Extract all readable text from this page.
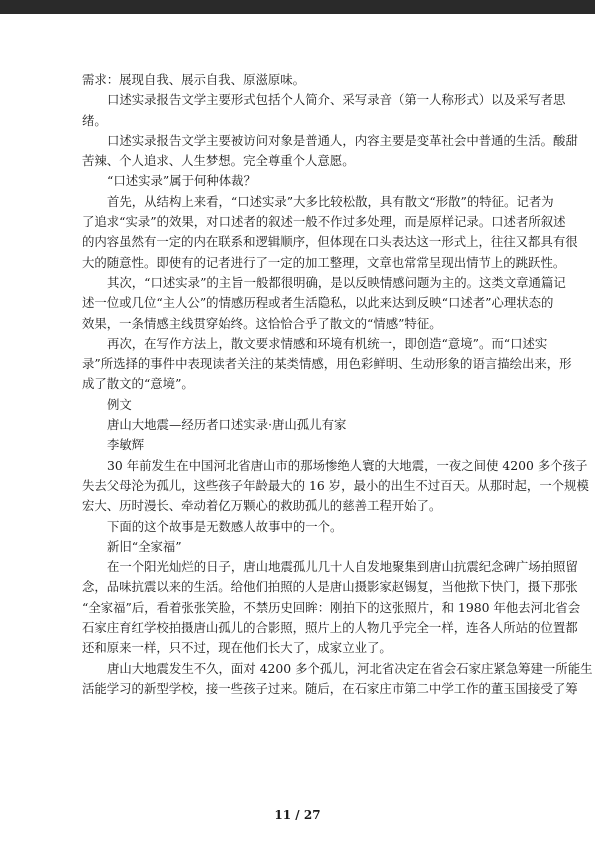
需求：展现自我、展示自我、原滋原味。
口述实录报告文学主要形式包括个人简介、采写录音（第一人称形式）以及采写者思
绪。
口述实录报告文学主要被访问对象是普通人，内容主要是变革社会中普通的生活。酸甜
苦辣、个人追求、人生梦想。完全尊重个人意愿。
“口述实录”属于何种体裁？
首先，从结构上来看，“口述实录”大多比较松散，具有散文“形散”的特征。记者为
了追求“实录”的效果，对口述者的叙述一般不作过多处理，而是原样记录。口述者所叙述
的内容虽然有一定的内在联系和逻辑顺序，但体现在口头表达这一形式上，往往又都具有很
大的随意性。即使有的记者进行了一定的加工整理，文章也常常呈现出情节上的跳跃性。
其次，“口述实录”的主旨一般都很明确，是以反映情感问题为主的。这类文章通篇记
述一位或几位“主人公”的情感历程或者生活隐私，以此来达到反映“口述者”心理状态的
效果，一条情感主线贯穿始终。这恰恰合乎了散文的“情感”特征。
再次，在写作方法上，散文要求情感和环境有机统一，即创造“意境”。而“口述实
录”所选择的事件中表现读者关注的某类情感，用色彩鲜明、生动形象的语言描绘出来，形
成了散文的“意境”。
例文
唐山大地震—经历者口述实录·唐山孤儿有家
李敏辉
30 年前发生在中国河北省唐山市的那场惨绝人寰的大地震，一夜之间使 4200 多个孩子
失去父母沦为孤儿，这些孩子年龄最大的 16 岁，最小的出生不过百天。从那时起，一个规模
宏大、历时漫长、牵动着亿万颗心的救助孤儿的慈善工程开始了。
下面的这个故事是无数感人故事中的一个。
新旧“全家福”
在一个阳光灿烂的日子，唐山地震孤儿几十人自发地聚集到唐山抗震纪念碑广场拍照留
念，品味抗震以来的生活。给他们拍照的人是唐山摄影家赵锡复，当他揿下快门，摄下那张
“全家福”后，看着张张笑脸，不禁历史回眸：刚拍下的这张照片，和 1980 年他去河北省会
石家庄育红学校拍摄唐山孤儿的合影照，照片上的人物几乎完全一样，连各人所站的位置都
还和原来一样，只不过，现在他们长大了，成家立业了。
唐山大地震发生不久，面对 4200 多个孤儿，河北省决定在省会石家庄紧急筹建一所能生
活能学习的新型学校，接一些孩子过来。随后，在石家庄市第二中学工作的董玉国接受了筹
11 / 27
